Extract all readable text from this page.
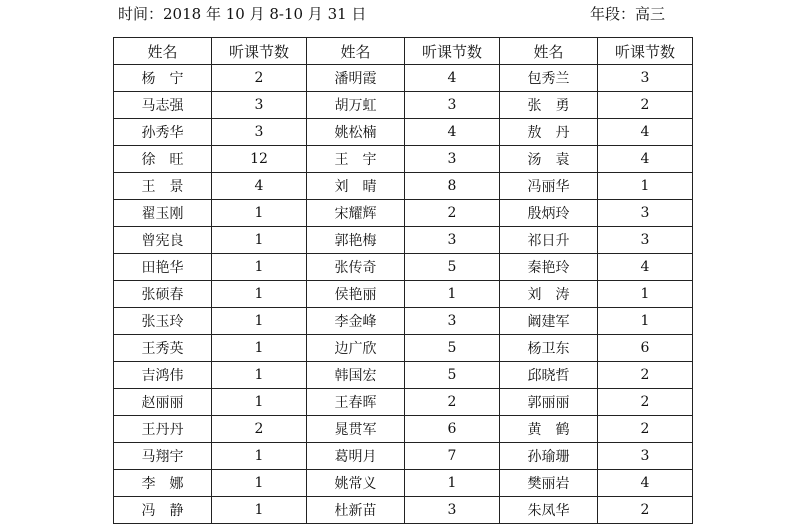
时间：2018 年 10 月 8-10 月 31 日	年段：高三
姓名	听课节数	姓名	听课节数	姓名	听课节数
杨　宁	2	潘明霞	4	包秀兰	3
马志强	3	胡万虹	3	张　勇	2
孙秀华	3	姚松楠	4	敖　丹	4
徐　旺	12	王　宇	3	汤　袁	4
王　景	4	刘　晴	8	冯丽华	1
翟玉刚	1	宋耀辉	2	殷炳玲	3
曾宪良	1	郭艳梅	3	祁日升	3
田艳华	1	张传奇	5	秦艳玲	4
张硕春	1	侯艳丽	1	刘　涛	1
张玉玲	1	李金峰	3	阚建军	1
王秀英	1	边广欣	5	杨卫东	6
吉鸿伟	1	韩国宏	5	邱晓哲	2
赵丽丽	1	王春晖	2	郭丽丽	2
王丹丹	2	晁贯军	6	黄　鹤	2
马翔宇	1	葛明月	7	孙瑜珊	3
李　娜	1	姚常义	1	樊丽岩	4
冯　静	1	杜新苗	3	朱凤华	2
